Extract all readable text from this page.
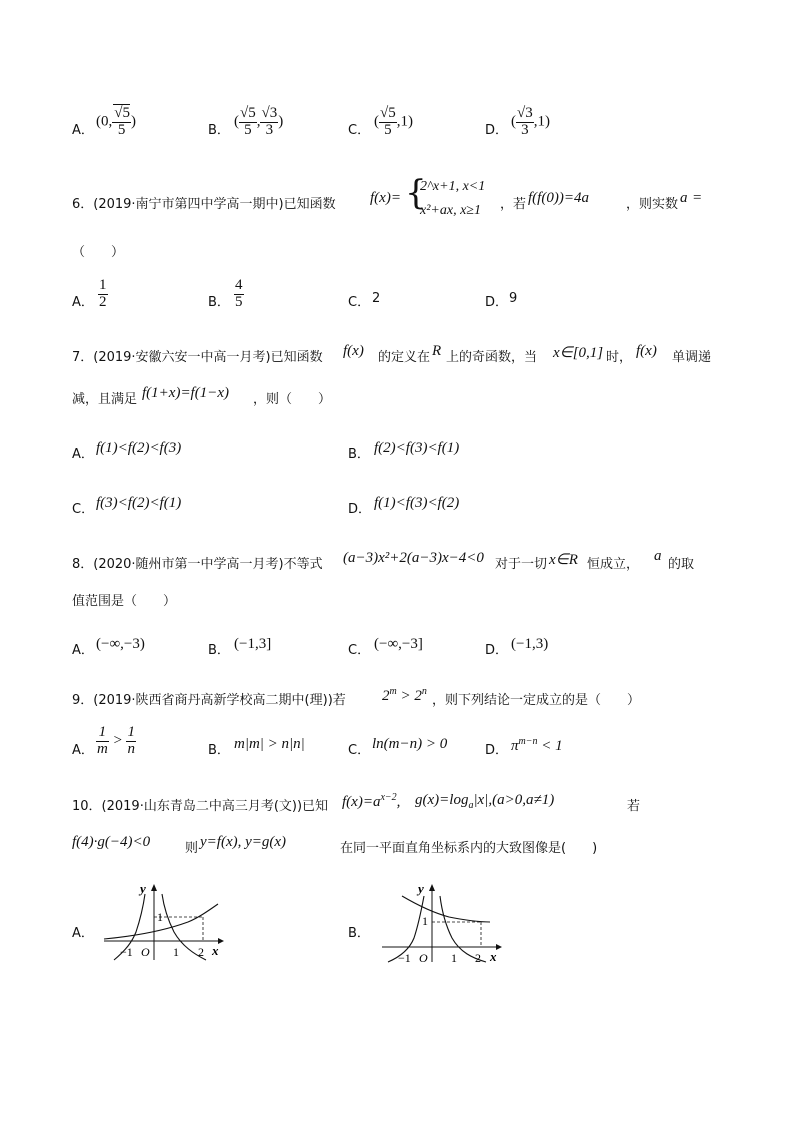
A．
(0, $\frac{√5}{5}$ )
B．
( $\frac{√5}{5}$ , $\frac{√3}{3}$ )
C．
( $\frac{√5}{5} ,1$)
D．
( $\frac{√3}{3} ,1$)
6．(2019·南宁市第四中学高一期中)已知函数 f(x)= {
2^x+1, x<1
x²+ax, x≥1 ，若 f(f(0))=4a	，则实数 a =
（　　）
A． $\frac{1}{2}$	B． $\frac{4}{5}$	C． 2	D． 9
7．(2019·安徽六安一中高一月考)已知函数 f(x) 的定义在 R 上的奇函数，当 x∈[0,1] 时， f(x) 单调递
减，且满足 f(1+x)=f(1−x) ，则（　　）
A． f(1)<f(2)<f(3)	B． f(2)<f(3)<f(1)
C． f(3)<f(2)<f(1)	D． f(1)<f(3)<f(2)
8．(2020·随州市第一中学高一月考)不等式 (a−3)x²+2(a−3)x−4<0 对于一切 x∈R 恒成立，
a
的取
值范围是（　　）
A． (−∞,−3)	B． (−1,3]	C． (−∞,−3]	D． (−1,3)
9．(2019·陕西省商丹高新学校高二期中(理))若 $2^m > 2^n$
，则下列结论一定成立的是（　　）
A． $\frac{1}{m} > \frac{1}{n}$	B． m|m| > n|n|	C． ln(m−n) > 0	D． $\pi^{m-n} < 1$
10．(2019·山东青岛二中高三月考(文))已知 $f(x)=a^{x-2}$, $g(x)=\log_a|x|,(a>0,a\ne 1)$	若
f(4)·g(−4)<0	则 y=f(x), y=g(x)	在同一平面直角坐标系内的大致图像是(　　)
A．
y
x
O
−1	1 2
1
B．
y
x
O
−1	1 2
1
